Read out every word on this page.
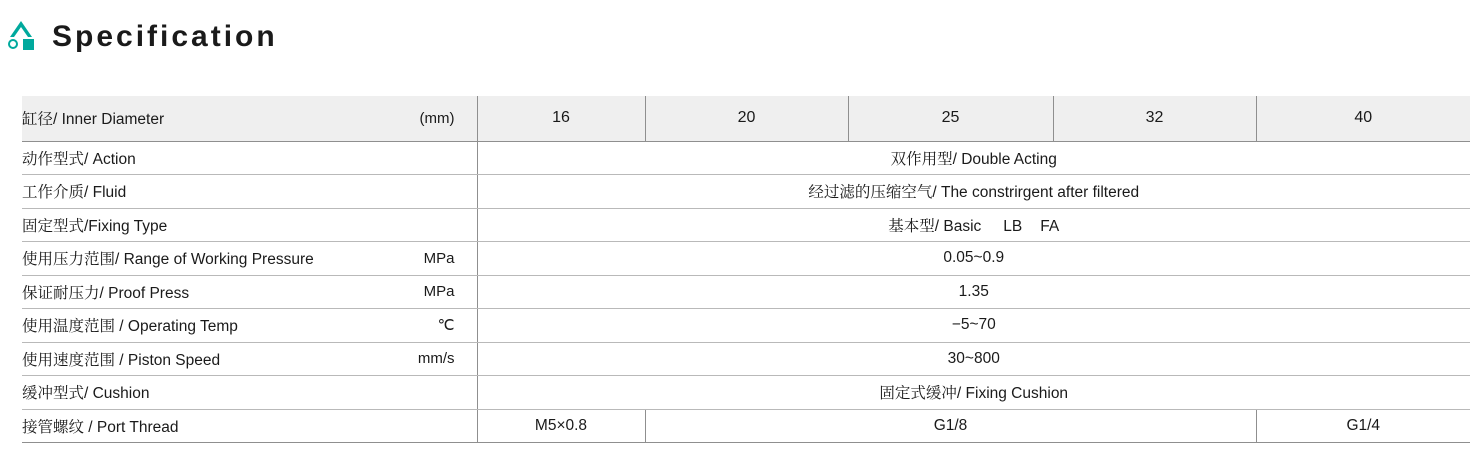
Specification
缸径/ Inner Diameter (mm)	16	20	25	32	40

动作型式/ Action	双作用型/ Double Acting				

工作介质/ Fluid	经过滤的压缩空气/ The constrirgent after filtered				

固定型式/Fixing Type	基本型/ Basic LB FA				

使用压力范围/ Range of Working Pressure MPa	0.05~0.9				

保证耐压力/ Proof Press MPa	1.35				

使用温度范围 / Operating Temp ℃	−5~70				

使用速度范围 / Piston Speed mm/s	30~800				

缓冲型式/ Cushion	固定式缓冲/ Fixing Cushion				

接管螺纹 / Port Thread	M5×0.8	G1/8			G1/4
